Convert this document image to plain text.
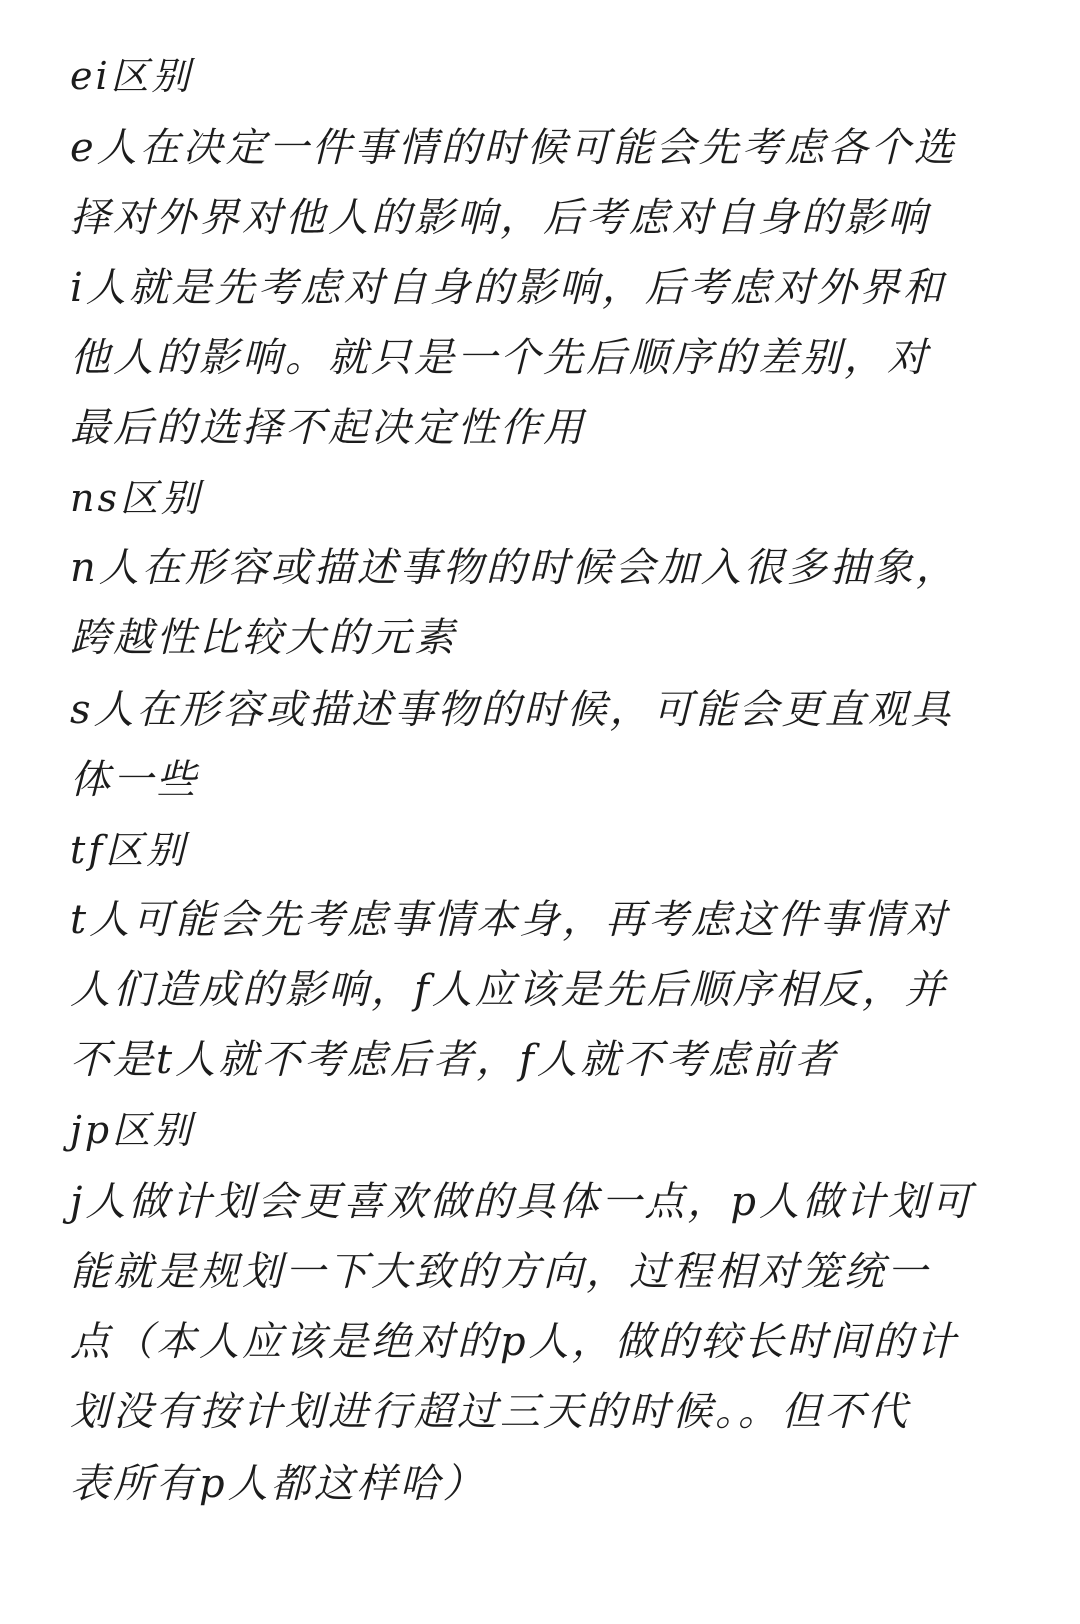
ei区别
e人在决定一件事情的时候可能会先考虑各个选
择对外界对他人的影响，后考虑对自身的影响
i人就是先考虑对自身的影响，后考虑对外界和
他人的影响。就只是一个先后顺序的差别，对
最后的选择不起决定性作用
ns区别
n人在形容或描述事物的时候会加入很多抽象，
跨越性比较大的元素
s人在形容或描述事物的时候，可能会更直观具
体一些
tf区别
t人可能会先考虑事情本身，再考虑这件事情对
人们造成的影响，f人应该是先后顺序相反，并
不是t人就不考虑后者，f人就不考虑前者
jp区别
j人做计划会更喜欢做的具体一点，p人做计划可
能就是规划一下大致的方向，过程相对笼统一
点（本人应该是绝对的p人，做的较长时间的计
划没有按计划进行超过三天的时候。。但不代
表所有p人都这样哈）
